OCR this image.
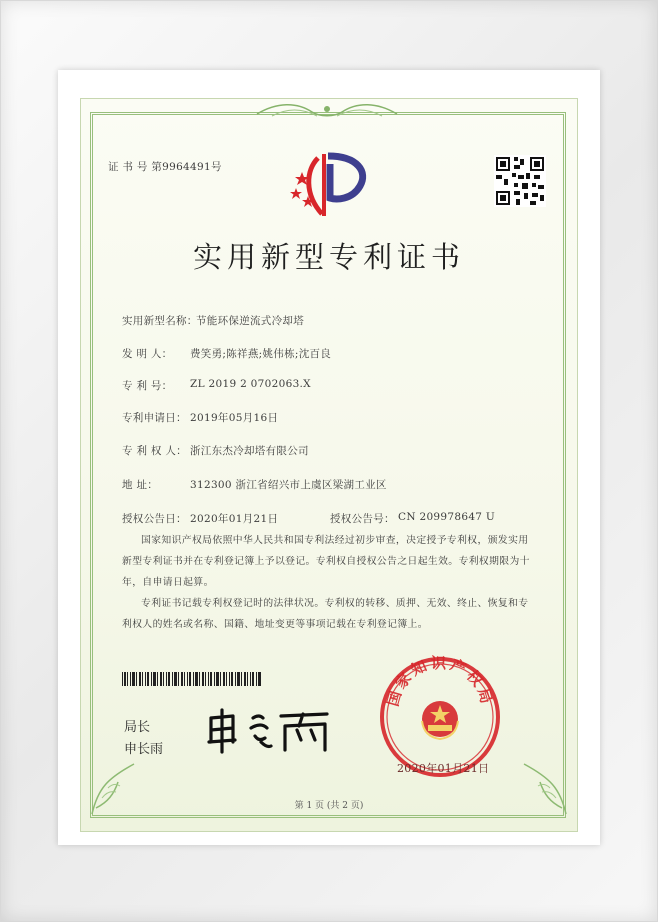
证 书 号 第9964491号
实用新型专利证书
实用新型名称：
节能环保逆流式冷却塔
发 明 人： 费笑勇;陈祥燕;姚伟栋;沈百良
专 利 号： ZL 2019 2 0702063.X
专利申请日： 2019年05月16日
专 利 权 人： 浙江东杰冷却塔有限公司
地 址：	312300 浙江省绍兴市上虞区梁湖工业区
授权公告日： 2020年01月21日	授权公告号： CN 209978647 U
国家知识产权局依照中华人民共和国专利法经过初步审查，决定授予专利权，颁发实用
新型专利证书并在专利登记簿上予以登记。专利权自授权公告之日起生效。专利权期限为十
年，自申请日起算。
专利证书记载专利权登记时的法律状况。专利权的转移、质押、无效、终止、恢复和专
利权人的姓名或名称、国籍、地址变更等事项记载在专利登记簿上。
局长
申长雨
国家知识产权局
2020年01月21日
第 1 页 (共 2 页)
